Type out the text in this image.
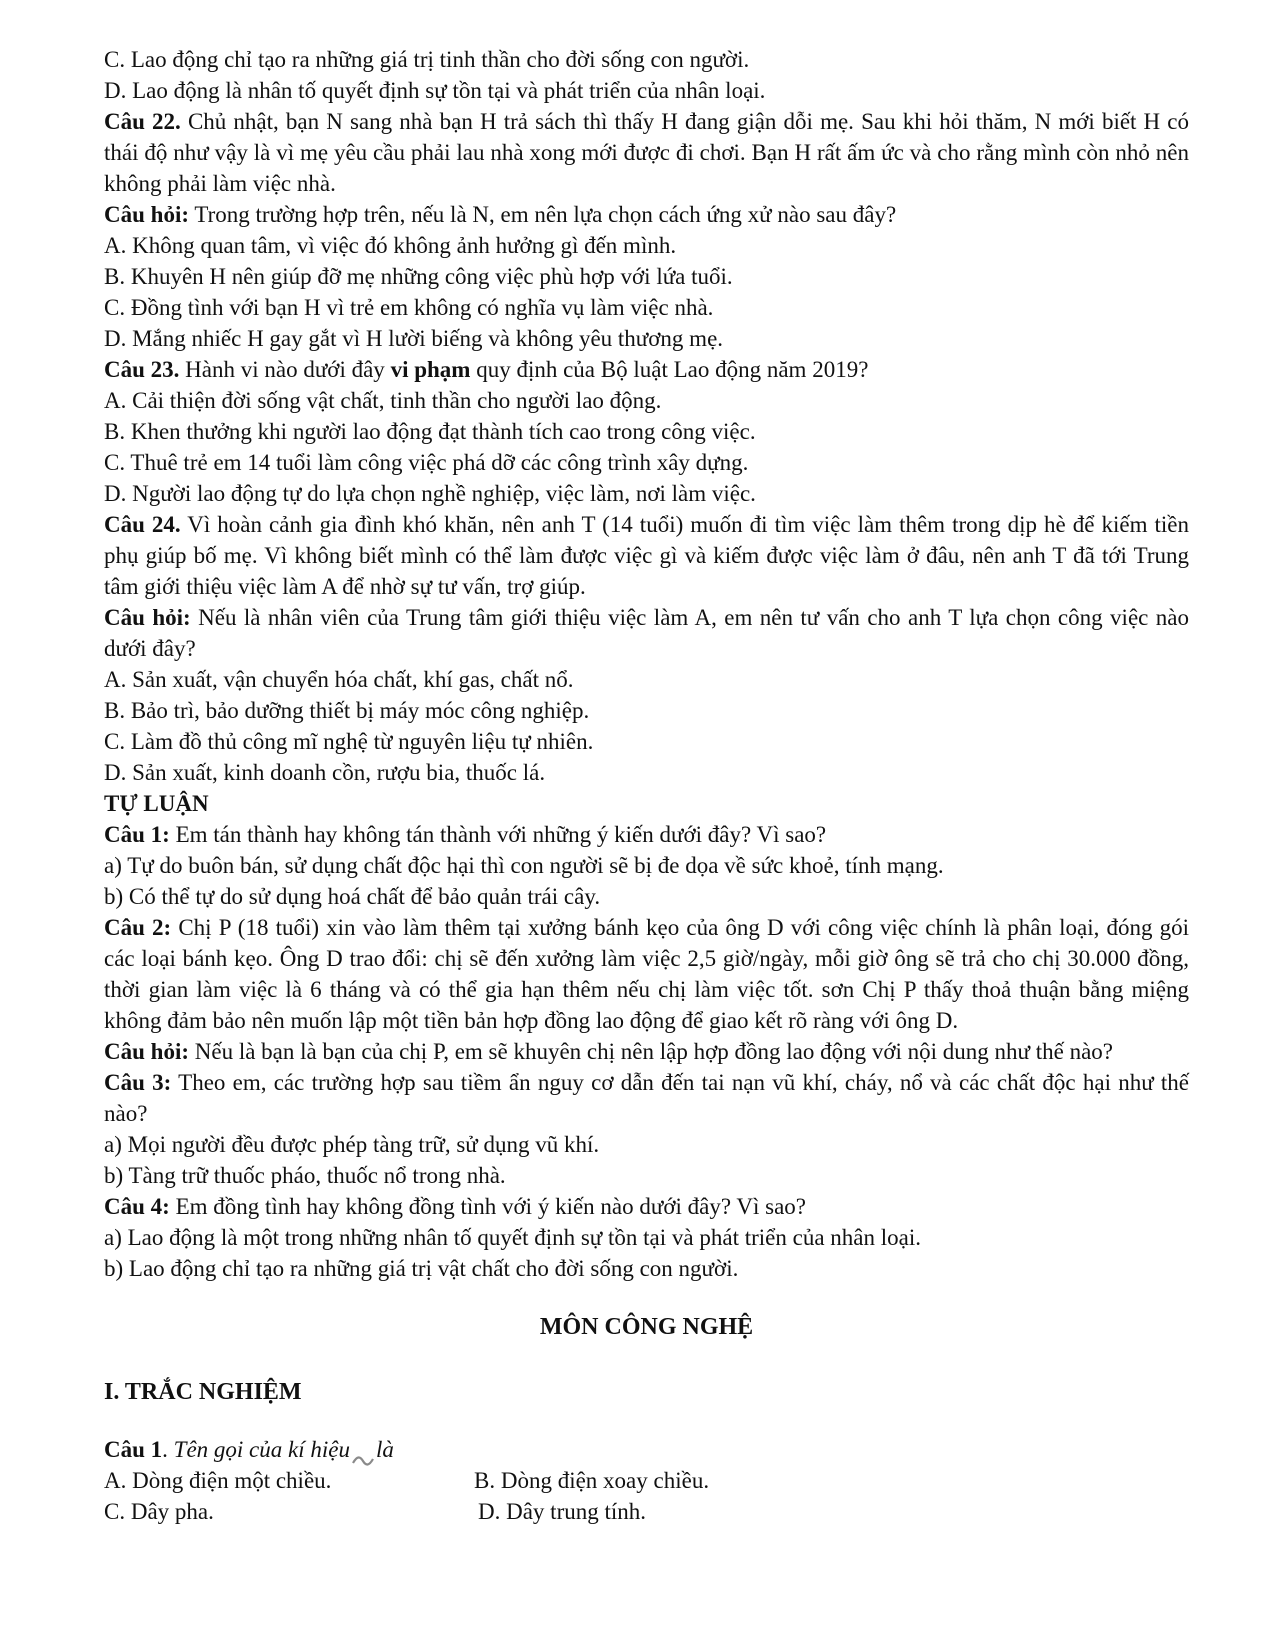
C. Lao động chỉ tạo ra những giá trị tinh thần cho đời sống con người.
D. Lao động là nhân tố quyết định sự tồn tại và phát triển của nhân loại.
Câu 22. Chủ nhật, bạn N sang nhà bạn H trả sách thì thấy H đang giận dỗi mẹ. Sau khi hỏi thăm, N mới biết H có thái độ như vậy là vì mẹ yêu cầu phải lau nhà xong mới được đi chơi. Bạn H rất ấm ức và cho rằng mình còn nhỏ nên không phải làm việc nhà.
Câu hỏi: Trong trường hợp trên, nếu là N, em nên lựa chọn cách ứng xử nào sau đây?
A. Không quan tâm, vì việc đó không ảnh hưởng gì đến mình.
B. Khuyên H nên giúp đỡ mẹ những công việc phù hợp với lứa tuổi.
C. Đồng tình với bạn H vì trẻ em không có nghĩa vụ làm việc nhà.
D. Mắng nhiếc H gay gắt vì H lười biếng và không yêu thương mẹ.
Câu 23. Hành vi nào dưới đây vi phạm quy định của Bộ luật Lao động năm 2019?
A. Cải thiện đời sống vật chất, tinh thần cho người lao động.
B. Khen thưởng khi người lao động đạt thành tích cao trong công việc.
C. Thuê trẻ em 14 tuổi làm công việc phá dỡ các công trình xây dựng.
D. Người lao động tự do lựa chọn nghề nghiệp, việc làm, nơi làm việc.
Câu 24. Vì hoàn cảnh gia đình khó khăn, nên anh T (14 tuổi) muốn đi tìm việc làm thêm trong dịp hè để kiếm tiền phụ giúp bố mẹ. Vì không biết mình có thể làm được việc gì và kiếm được việc làm ở đâu, nên anh T đã tới Trung tâm giới thiệu việc làm A để nhờ sự tư vấn, trợ giúp.
Câu hỏi: Nếu là nhân viên của Trung tâm giới thiệu việc làm A, em nên tư vấn cho anh T lựa chọn công việc nào dưới đây?
A. Sản xuất, vận chuyển hóa chất, khí gas, chất nổ.
B. Bảo trì, bảo dưỡng thiết bị máy móc công nghiệp.
C. Làm đồ thủ công mĩ nghệ từ nguyên liệu tự nhiên.
D. Sản xuất, kinh doanh cồn, rượu bia, thuốc lá.
TỰ LUẬN
Câu 1: Em tán thành hay không tán thành với những ý kiến dưới đây? Vì sao?
a) Tự do buôn bán, sử dụng chất độc hại thì con người sẽ bị đe dọa về sức khoẻ, tính mạng.
b) Có thể tự do sử dụng hoá chất để bảo quản trái cây.
Câu 2: Chị P (18 tuổi) xin vào làm thêm tại xưởng bánh kẹo của ông D với công việc chính là phân loại, đóng gói các loại bánh kẹo. Ông D trao đổi: chị sẽ đến xưởng làm việc 2,5 giờ/ngày, mỗi giờ ông sẽ trả cho chị 30.000 đồng, thời gian làm việc là 6 tháng và có thể gia hạn thêm nếu chị làm việc tốt. sơn Chị P thấy thoả thuận bằng miệng không đảm bảo nên muốn lập một tiền bản hợp đồng lao động để giao kết rõ ràng với ông D.
Câu hỏi: Nếu là bạn là bạn của chị P, em sẽ khuyên chị nên lập hợp đồng lao động với nội dung như thế nào?
Câu 3: Theo em, các trường hợp sau tiềm ẩn nguy cơ dẫn đến tai nạn vũ khí, cháy, nổ và các chất độc hại như thế nào?
a) Mọi người đều được phép tàng trữ, sử dụng vũ khí.
b) Tàng trữ thuốc pháo, thuốc nổ trong nhà.
Câu 4: Em đồng tình hay không đồng tình với ý kiến nào dưới đây? Vì sao?
a) Lao động là một trong những nhân tố quyết định sự tồn tại và phát triển của nhân loại.
b) Lao động chỉ tạo ra những giá trị vật chất cho đời sống con người.
MÔN CÔNG NGHỆ
I. TRẮC NGHIỆM
Câu 1. Tên gọi của kí hiệu là
A. Dòng điện một chiều.	B. Dòng điện xoay chiều.
C. Dây pha.	D. Dây trung tính.
